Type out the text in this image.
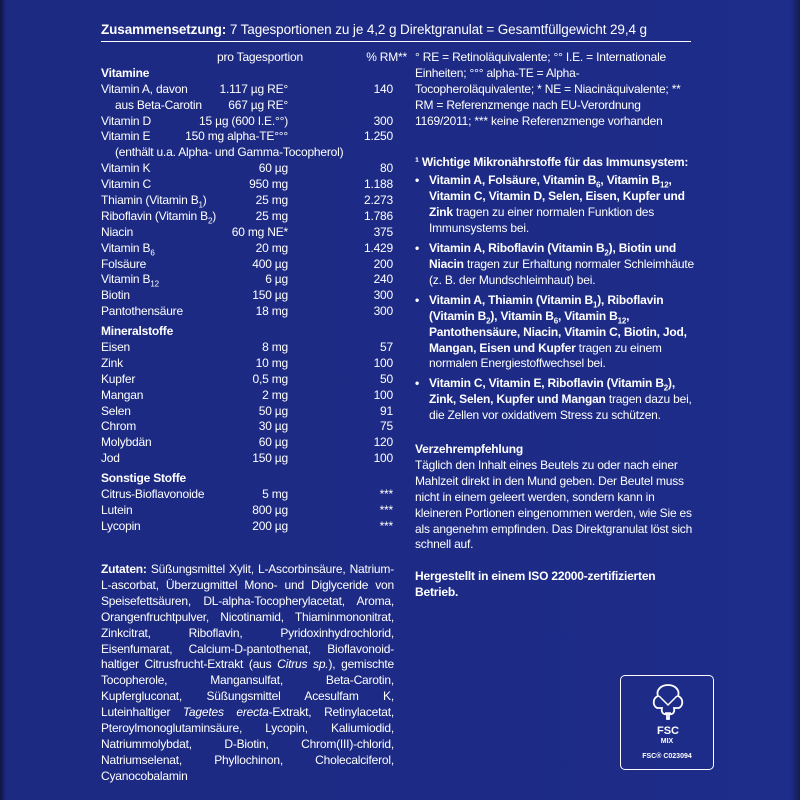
Zusammensetzung: 7 Tagesportionen zu je 4,2 g Direktgranulat = Gesamtfüllgewicht 29,4 g
pro Tagesportion	% RM**
Vitamine
Vitamin A, davon	1.117 µg RE°	140
aus Beta-Carotin 667 µg RE°
Vitamin D	15 µg (600 I.E.°°)	300
Vitamin E	150 mg alpha-TE°°°	1.250
(enthält u.a. Alpha- und Gamma-Tocopherol)
Vitamin K	60 µg	80
Vitamin C	950 mg	1.188
Thiamin (Vitamin $B_1$)	25 mg	2.273
Riboflavin (Vitamin $B_2$)	25 mg	1.786
Niacin	60 mg NE*	375
Vitamin $B_6$	20 mg	1.429
Folsäure	400 µg	200
Vitamin $B_{12}$	6 µg	240
Biotin	150 µg	300
Pantothensäure	18 mg	300
Mineralstoffe
Eisen	8 mg	57
Zink	10 mg	100
Kupfer	0,5 mg	50
Mangan	2 mg	100
Selen	50 µg	91
Chrom	30 µg	75
Molybdän	60 µg	120
Jod	150 µg	100
Sonstige Stoffe
Citrus-Bioflavonoide	5 mg	***
Lutein	800 µg	***
Lycopin	200 µg	***
Zutaten: Süßungsmittel Xylit, L-Ascorbinsäure, Natrium-L-ascorbat, Überzugmittel Mono- und Diglyceride von Speisefettsäuren, DL-alpha-Tocopherylacetat, Aroma, Orangenfruchtpulver, Nicotinamid, Thiaminmononitrat, Zinkcitrat, Riboflavin, Pyridoxinhydrochlorid, Eisenfumarat, Calcium-D-pantothenat, Bioflavonoid-haltiger Citrusfrucht-Extrakt (aus Citrus sp.), gemischte Tocopherole, Mangansulfat, Beta-Carotin, Kupfergluconat, Süßungsmittel Acesulfam K, Luteinhaltiger Tagetes erecta-Extrakt, Retinylacetat, Pteroylmonoglutaminsäure, Lycopin, Kaliumiodid, Natriummolybdat, D-Biotin, Chrom(III)-chlorid, Natriumselenat, Phyllochinon, Cholecalciferol, Cyanocobalamin

° RE = Retinoläquivalente; °° I.E. = Internationale Einheiten; °°° alpha-TE = Alpha-Tocopheroläquivalente; * NE = Niacinäquivalente; ** RM = Referenzmenge nach EU-Verordnung 1169/2011; *** keine Referenzmenge vorhanden

¹ Wichtige Mikronährstoffe für das Immunsystem:

• Vitamin A, Folsäure, Vitamin $B_6$, Vitamin $B_{12}$, Vitamin C, Vitamin D, Selen, Eisen, Kupfer und Zink tragen zu einer normalen Funktion des Immunsystems bei.
• Vitamin A, Riboflavin (Vitamin $B_2$), Biotin und Niacin tragen zur Erhaltung normaler Schleimhäute (z. B. der Mundschleimhaut) bei.
• Vitamin A, Thiamin (Vitamin $B_1$), Riboflavin (Vitamin $B_2$), Vitamin $B_6$, Vitamin $B_{12}$, Pantothensäure, Niacin, Vitamin C, Biotin, Jod, Mangan, Eisen und Kupfer tragen zu einem normalen Energiestoffwechsel bei.
• Vitamin C, Vitamin E, Riboflavin (Vitamin $B_2$), Zink, Selen, Kupfer und Mangan tragen dazu bei, die Zellen vor oxidativem Stress zu schützen.

Verzehrempfehlung

Täglich den Inhalt eines Beutels zu oder nach einer Mahlzeit direkt in den Mund geben. Der Beutel muss nicht in einem geleert werden, sondern kann in kleineren Portionen eingenommen werden, wie Sie es als angenehm empfinden. Das Direktgranulat löst sich schnell auf.

Hergestellt in einem ISO 22000-zertifizierten Betrieb.

FSC
MIX
FSC® C023094
